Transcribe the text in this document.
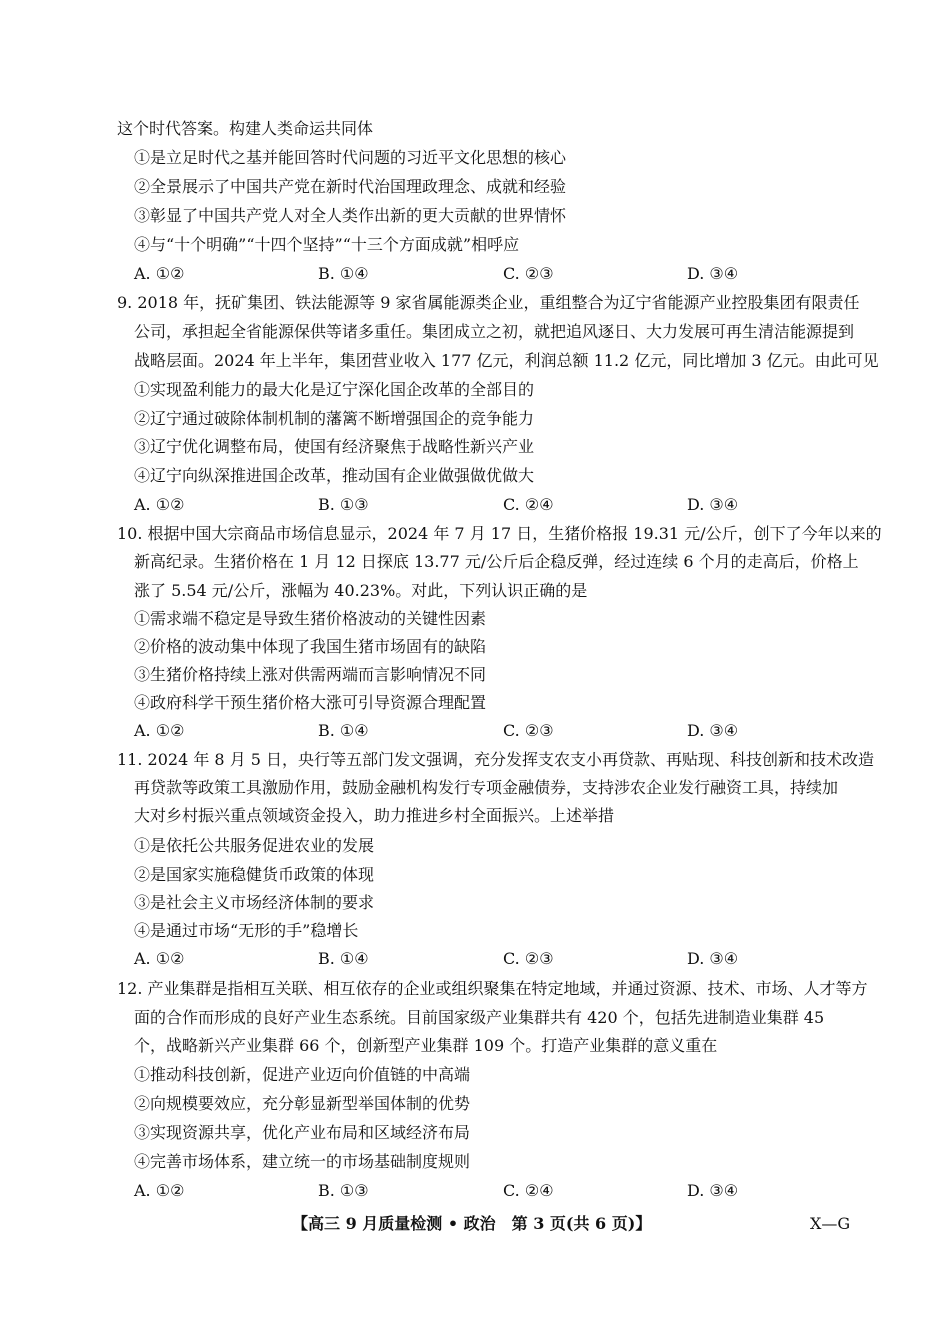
这个时代答案。构建人类命运共同体
①是立足时代之基并能回答时代问题的习近平文化思想的核心
②全景展示了中国共产党在新时代治国理政理念、成就和经验
③彰显了中国共产党人对全人类作出新的更大贡献的世界情怀
④与“十个明确”“十四个坚持”“十三个方面成就”相呼应
A. ①②	B. ①④	C. ②③	D. ③④
9. 2018 年，抚矿集团、铁法能源等 9 家省属能源类企业，重组整合为辽宁省能源产业控股集团有限责任
公司，承担起全省能源保供等诸多重任。集团成立之初，就把追风逐日、大力发展可再生清洁能源提到
战略层面。2024 年上半年，集团营业收入 177 亿元，利润总额 11.2 亿元，同比增加 3 亿元。由此可见
①实现盈利能力的最大化是辽宁深化国企改革的全部目的
②辽宁通过破除体制机制的藩篱不断增强国企的竞争能力
③辽宁优化调整布局，使国有经济聚焦于战略性新兴产业
④辽宁向纵深推进国企改革，推动国有企业做强做优做大
A. ①②	B. ①③	C. ②④	D. ③④
10. 根据中国大宗商品市场信息显示，2024 年 7 月 17 日，生猪价格报 19.31 元/公斤，创下了今年以来的
新高纪录。生猪价格在 1 月 12 日探底 13.77 元/公斤后企稳反弹，经过连续 6 个月的走高后，价格上
涨了 5.54 元/公斤，涨幅为 40.23%。对此，下列认识正确的是
①需求端不稳定是导致生猪价格波动的关键性因素
②价格的波动集中体现了我国生猪市场固有的缺陷
③生猪价格持续上涨对供需两端而言影响情况不同
④政府科学干预生猪价格大涨可引导资源合理配置
A. ①②	B. ①④	C. ②③	D. ③④
11. 2024 年 8 月 5 日，央行等五部门发文强调，充分发挥支农支小再贷款、再贴现、科技创新和技术改造
再贷款等政策工具激励作用，鼓励金融机构发行专项金融债券，支持涉农企业发行融资工具，持续加
大对乡村振兴重点领域资金投入，助力推进乡村全面振兴。上述举措
①是依托公共服务促进农业的发展
②是国家实施稳健货币政策的体现
③是社会主义市场经济体制的要求
④是通过市场“无形的手”稳增长
A. ①②	B. ①④	C. ②③	D. ③④
12. 产业集群是指相互关联、相互依存的企业或组织聚集在特定地域，并通过资源、技术、市场、人才等方
面的合作而形成的良好产业生态系统。目前国家级产业集群共有 420 个，包括先进制造业集群 45
个，战略新兴产业集群 66 个，创新型产业集群 109 个。打造产业集群的意义重在
①推动科技创新，促进产业迈向价值链的中高端
②向规模要效应，充分彰显新型举国体制的优势
③实现资源共享，优化产业布局和区域经济布局
④完善市场体系，建立统一的市场基础制度规则
A. ①②	B. ①③	C. ②④	D. ③④
【高三 9 月质量检测 • 政治　第 3 页(共 6 页)】	X—G
